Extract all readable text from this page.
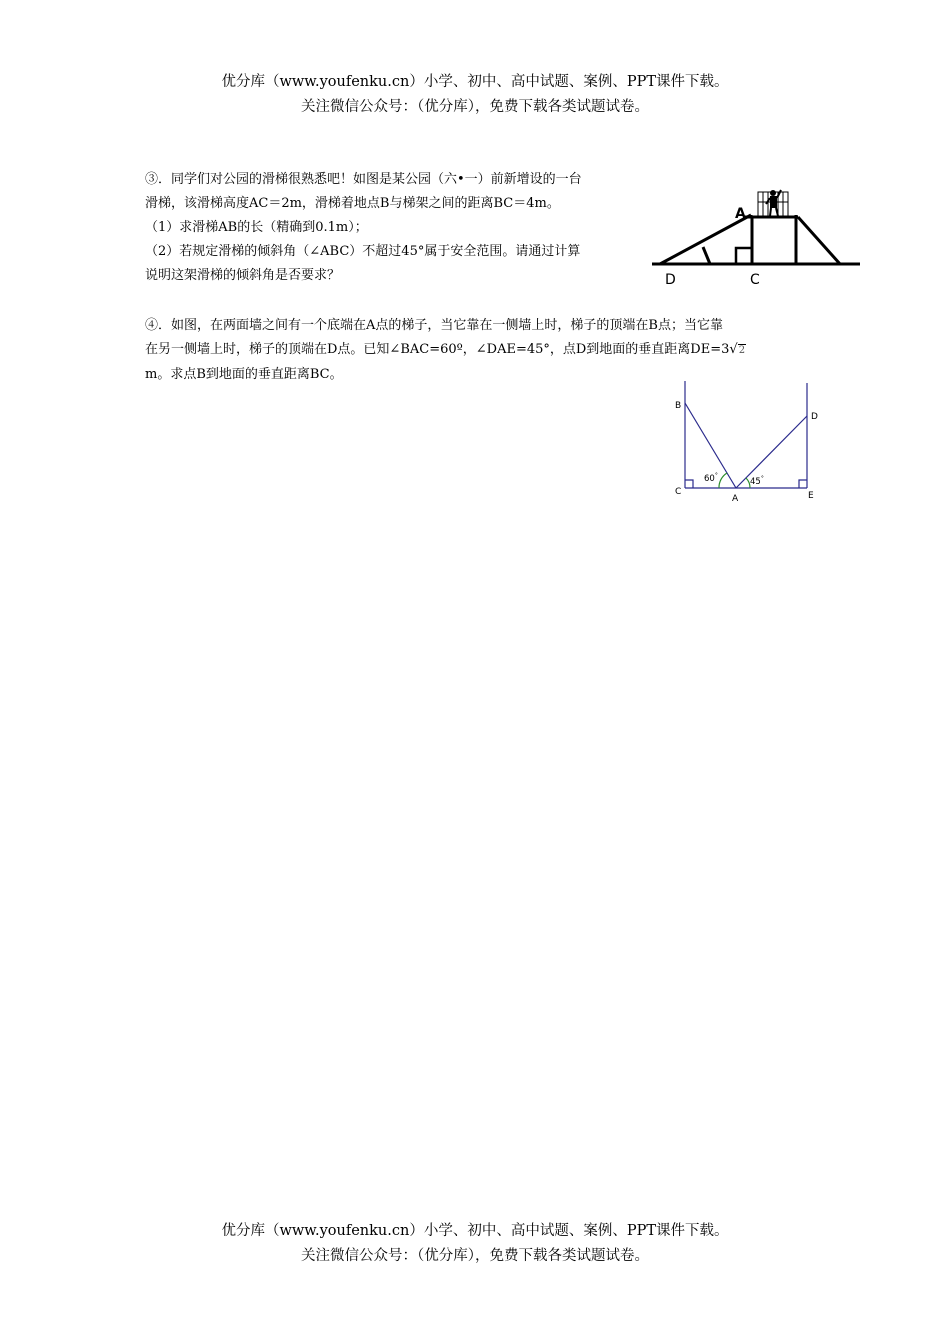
优分库（www.youfenku.cn）小学、初中、高中试题、案例、PPT课件下载。
关注微信公众号：（优分库），免费下载各类试题试卷。
③．同学们对公园的滑梯很熟悉吧！如图是某公园（六•一）前新增设的一台
滑梯，该滑梯高度AC＝2m，滑梯着地点B与梯架之间的距离BC＝4m。
（1）求滑梯AB的长（精确到0.1m）；
（2）若规定滑梯的倾斜角（∠ABC）不超过45°属于安全范围。请通过计算
说明这架滑梯的倾斜角是否要求？
A
D	C
④．如图，在两面墙之间有一个底端在A点的梯子，当它靠在一侧墙上时，梯子的顶端在B点；当它靠
在另一侧墙上时，梯子的顶端在D点。已知∠BAC=60º，∠DAE=45°，点D到地面的垂直距离DE=3√2
m。求点B到地面的垂直距离BC。
B
D
C
A	E
60°
45°
优分库（www.youfenku.cn）小学、初中、高中试题、案例、PPT课件下载。
关注微信公众号：（优分库），免费下载各类试题试卷。
